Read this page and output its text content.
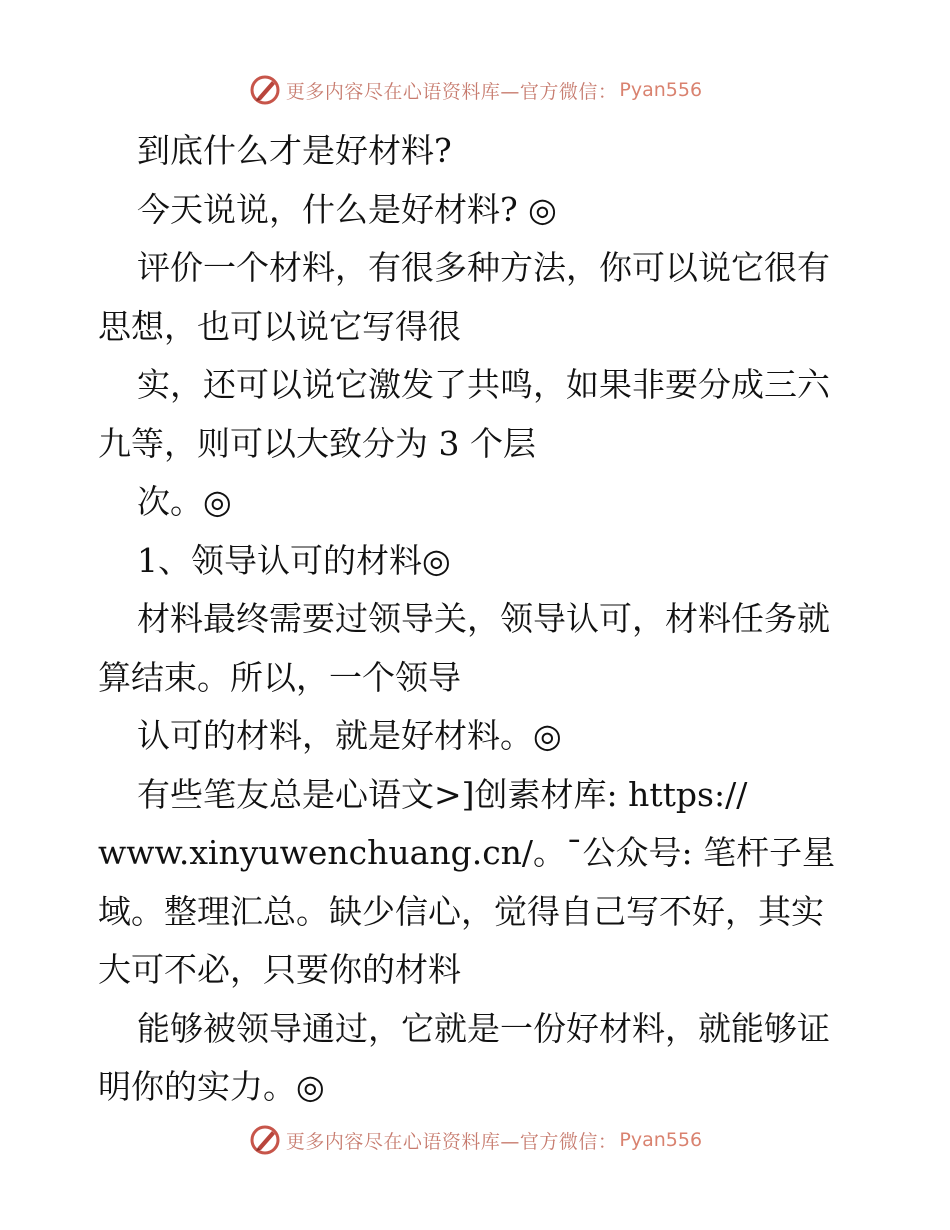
更多内容尽在心语资料库—官方微信： Pyan556

到底什么才是好材料?

今天说说，什么是好材料? ◎

评价一个材料，有很多种方法，你可以说它很有

思想，也可以说它写得很

实，还可以说它激发了共鸣，如果非要分成三六

九等，则可以大致分为 3 个层

次。◎

1、领导认可的材料◎

材料最终需要过领导关，领导认可，材料任务就

算结束。所以，一个领导

认可的材料，就是好材料。◎

有些笔友总是心语文>]创素材库: https://

www.xinyuwenchuang.cn/。¯公众号: 笔杆子星

域。整理汇总。缺少信心，觉得自己写不好，其实

大可不必，只要你的材料

能够被领导通过，它就是一份好材料，就能够证

明你的实力。◎

更多内容尽在心语资料库—官方微信： Pyan556
